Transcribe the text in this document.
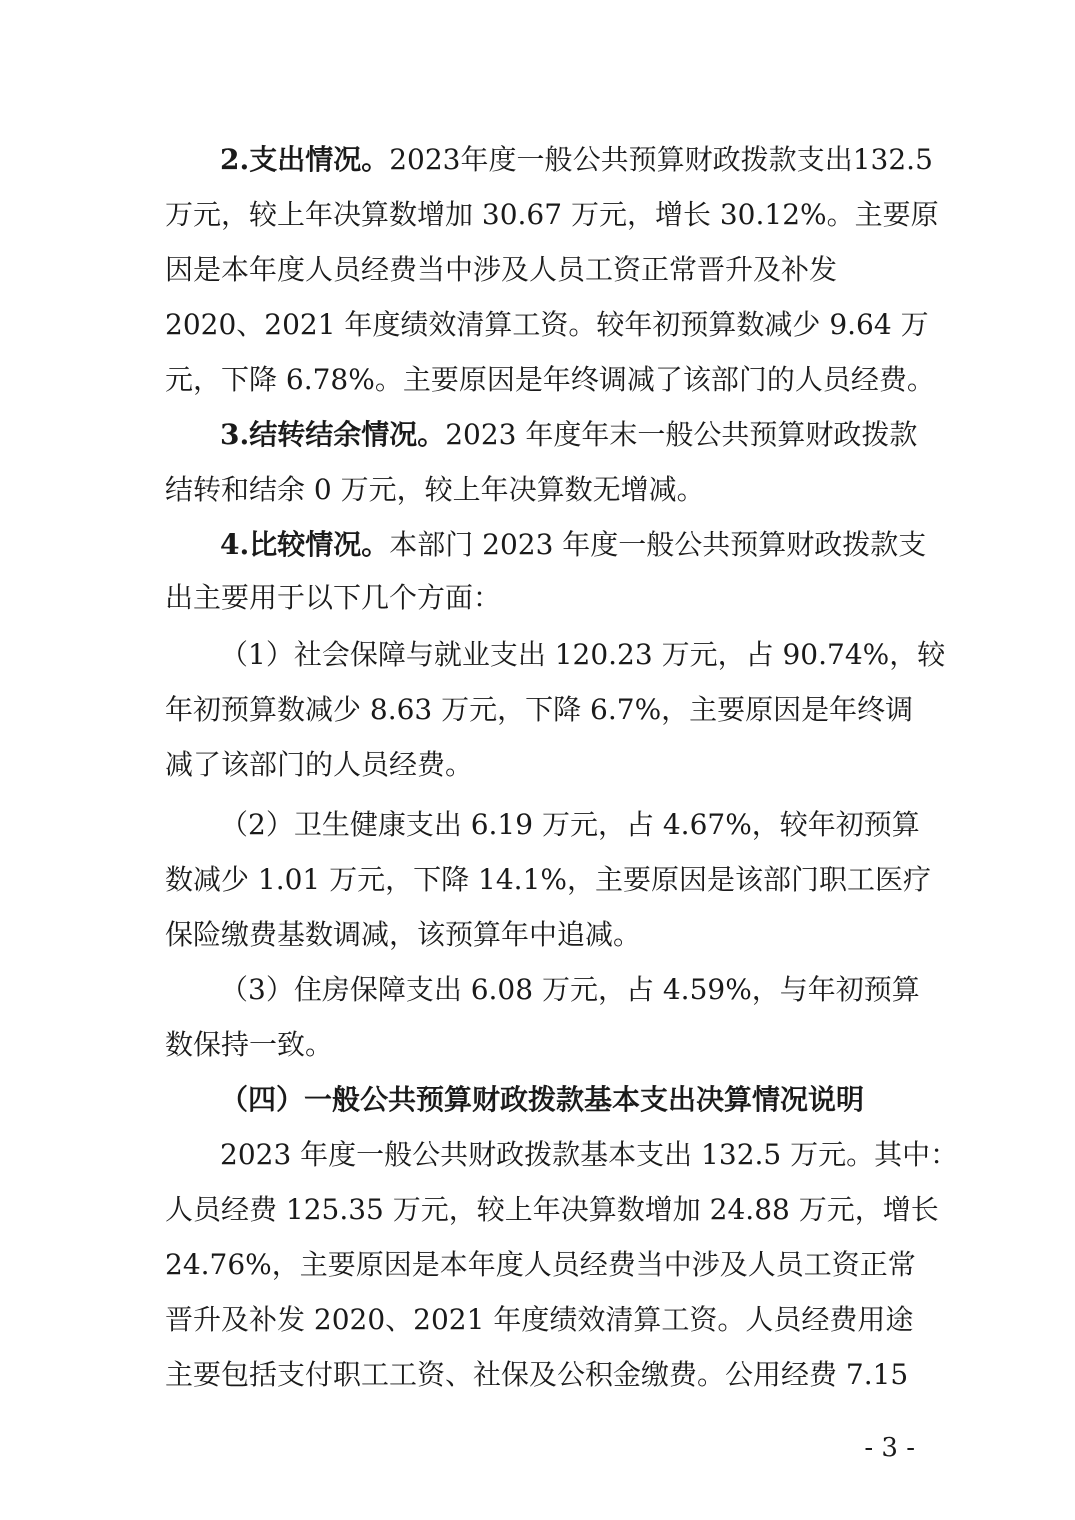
2.支出情况。 2023 年 度 一 般 公 共 预 算 财 政 拨 款 支 出 132.5
万元，较上年决算数增加 30.67 万元，增长 30.12%。主要原
因是本年度人员经费当中涉及人员工资正常晋升及补发
2020、2021 年度绩效清算工资。较年初预算数减少 9.64 万
元，下降 6.78%。主要原因是年终调减了该部门的人员经费。
3.结转结余情况。2023 年度年末一般公共预算财政拨款
结转和结余 0 万元，较上年决算数无增减。
4.比较情况。本部门 2023 年度一般公共预算财政拨款支
出主要用于以下几个方面：
（1）社会保障与就业支出 120.23 万元，占 90.74%，较
年初预算数减少 8.63 万元，下降 6.7%，主要原因是年终调
减了该部门的人员经费。
（2）卫生健康支出 6.19 万元，占 4.67%，较年初预算
数减少 1.01 万元，下降 14.1%，主要原因是该部门职工医疗
保险缴费基数调减，该预算年中追减。
（3）住房保障支出 6.08 万元，占 4.59%，与年初预算
数保持一致。
（四）一般公共预算财政拨款基本支出决算情况说明
2023 年度一般公共财政拨款基本支出 132.5 万元。其中：
人员经费 125.35 万元，较上年决算数增加 24.88 万元，增长
24.76%，主要原因是本年度人员经费当中涉及人员工资正常
晋升及补发 2020、2021 年度绩效清算工资。人员经费用途
主要包括支付职工工资、社保及公积金缴费。公用经费 7.15
- 3 -
